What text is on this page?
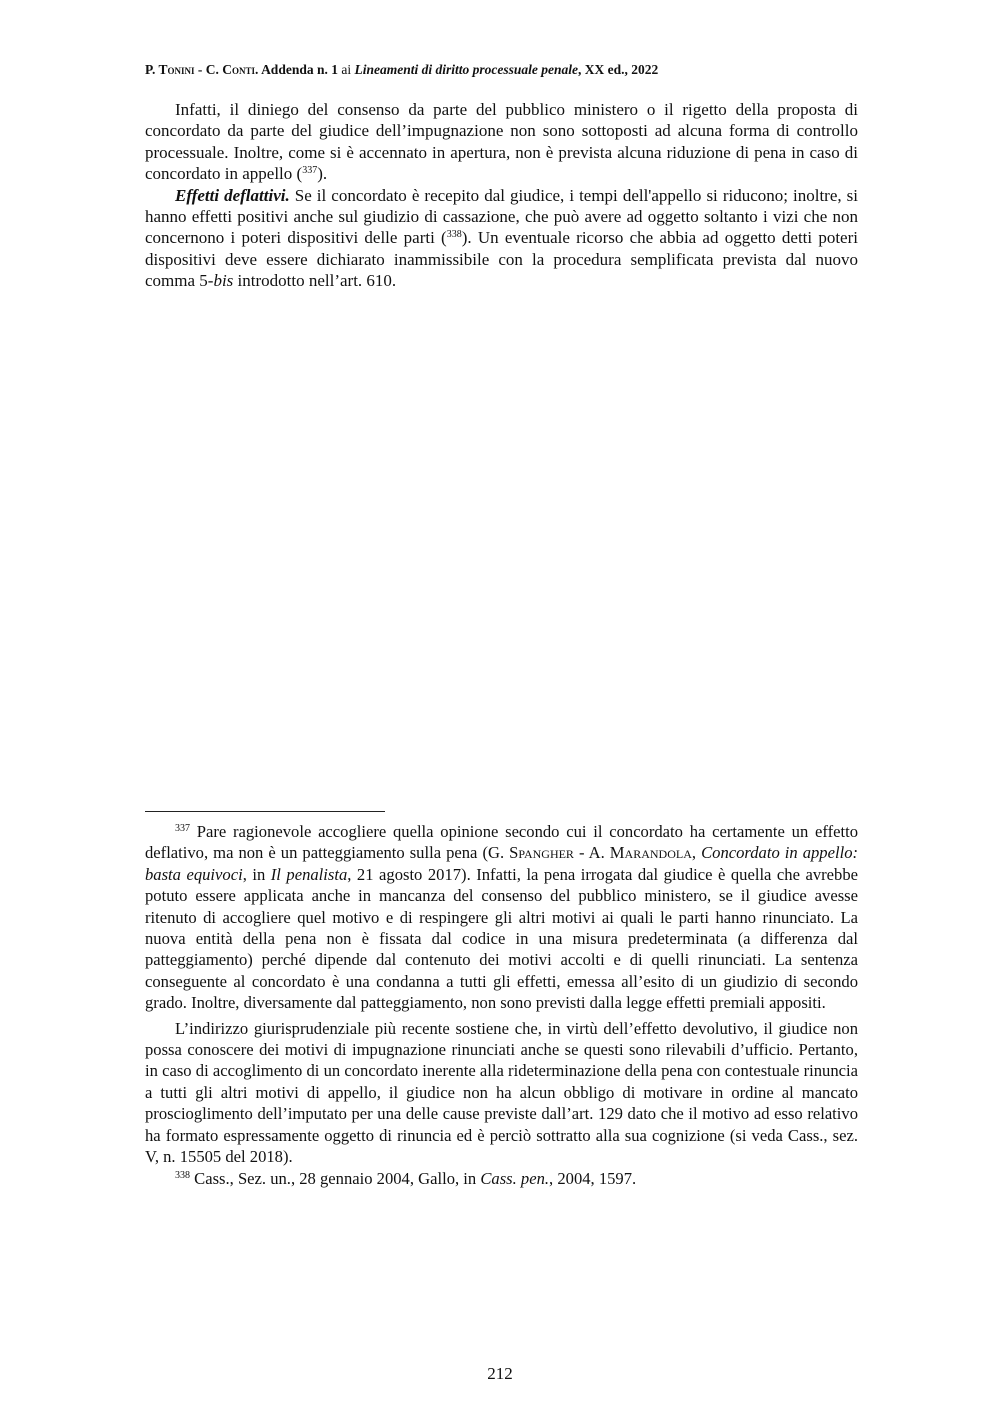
P. Tonini - C. Conti. Addenda n. 1 ai Lineamenti di diritto processuale penale, XX ed., 2022

Infatti, il diniego del consenso da parte del pubblico ministero o il rigetto della proposta di concordato da parte del giudice dell’impugnazione non sono sottoposti ad alcuna forma di controllo processuale. Inoltre, come si è accennato in apertura, non è prevista alcuna riduzione di pena in caso di concordato in appello ($^{337}$).

Effetti deflattivi. Se il concordato è recepito dal giudice, i tempi dell'appello si riducono; inoltre, si hanno effetti positivi anche sul giudizio di cassazione, che può avere ad oggetto soltanto i vizi che non concernono i poteri dispositivi delle parti ($^{338}$). Un eventuale ricorso che abbia ad oggetto detti poteri dispositivi deve essere dichiarato inammissibile con la procedura semplificata prevista dal nuovo comma 5-bis introdotto nell’art. 610.

$^{337}$ Pare ragionevole accogliere quella opinione secondo cui il concordato ha certamente un effetto deflativo, ma non è un patteggiamento sulla pena (G. Spangher - A. Marandola, Concordato in appello: basta equivoci, in Il penalista, 21 agosto 2017). Infatti, la pena irrogata dal giudice è quella che avrebbe potuto essere applicata anche in mancanza del consenso del pubblico ministero, se il giudice avesse ritenuto di accogliere quel motivo e di respingere gli altri motivi ai quali le parti hanno rinunciato. La nuova entità della pena non è fissata dal codice in una misura predeterminata (a differenza dal patteggiamento) perché dipende dal contenuto dei motivi accolti e di quelli rinunciati. La sentenza conseguente al concordato è una condanna a tutti gli effetti, emessa all’esito di un giudizio di secondo grado. Inoltre, diversamente dal patteggiamento, non sono previsti dalla legge effetti premiali appositi.

L’indirizzo giurisprudenziale più recente sostiene che, in virtù dell’effetto devolutivo, il giudice non possa conoscere dei motivi di impugnazione rinunciati anche se questi sono rilevabili d’ufficio. Pertanto, in caso di accoglimento di un concordato inerente alla rideterminazione della pena con contestuale rinuncia a tutti gli altri motivi di appello, il giudice non ha alcun obbligo di motivare in ordine al mancato proscioglimento dell’imputato per una delle cause previste dall’art. 129 dato che il motivo ad esso relativo ha formato espressamente oggetto di rinuncia ed è perciò sottratto alla sua cognizione (si veda Cass., sez. V, n. 15505 del 2018).

$^{338}$ Cass., Sez. un., 28 gennaio 2004, Gallo, in Cass. pen., 2004, 1597.

212
